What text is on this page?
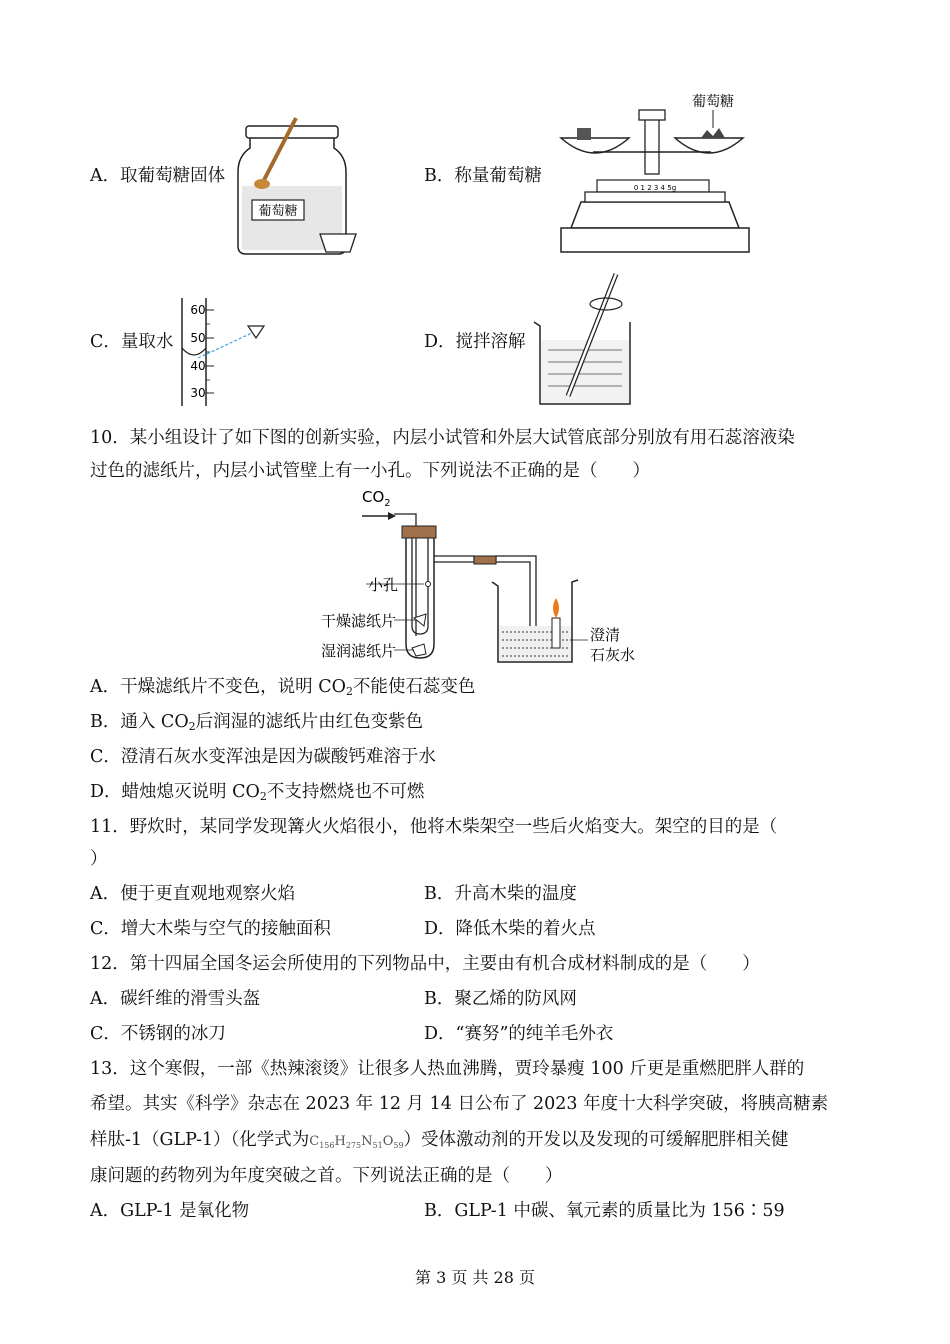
A．取葡萄糖固体
葡萄糖
B．称量葡萄糖
葡萄糖
0 1 2 3 4 5g
C．量取水
60
50
40
30
D．搅拌溶解
10．某小组设计了如下图的创新实验，内层小试管和外层大试管底部分别放有用石蕊溶液染
过色的滤纸片，内层小试管壁上有一小孔。下列说法不正确的是（　　）
$CO_2$
小孔
干燥滤纸片
湿润滤纸片
澄清
石灰水
A．干燥滤纸片不变色，说明 $CO_2$不能使石蕊变色
B．通入 $CO_2$后润湿的滤纸片由红色变紫色
C．澄清石灰水变浑浊是因为碳酸钙难溶于水
D．蜡烛熄灭说明 $CO_2$不支持燃烧也不可燃
11．野炊时，某同学发现篝火火焰很小，他将木柴架空一些后火焰变大。架空的目的是（
）
A．便于更直观地观察火焰	B．升高木柴的温度
C．增大木柴与空气的接触面积	D．降低木柴的着火点
12．第十四届全国冬运会所使用的下列物品中，主要由有机合成材料制成的是（　　）
A．碳纤维的滑雪头盔	B．聚乙烯的防风网
C．不锈钢的冰刀	D．“赛努”的纯羊毛外衣
13．这个寒假，一部《热辣滚烫》让很多人热血沸腾，贾玲暴瘦 100 斤更是重燃肥胖人群的
希望。其实《科学》杂志在 2023 年 12 月 14 日公布了 2023 年度十大科学突破，将胰高糖素
样肽-1（GLP-1）（化学式为$C_{156}H_{275}N_{51}O_{59}$）受体激动剂的开发以及发现的可缓解肥胖相关健
康问题的药物列为年度突破之首。下列说法正确的是（　　）
A．GLP-1 是氧化物	B．GLP-1 中碳、氧元素的质量比为 156∶59
第 3 页 共 28 页
